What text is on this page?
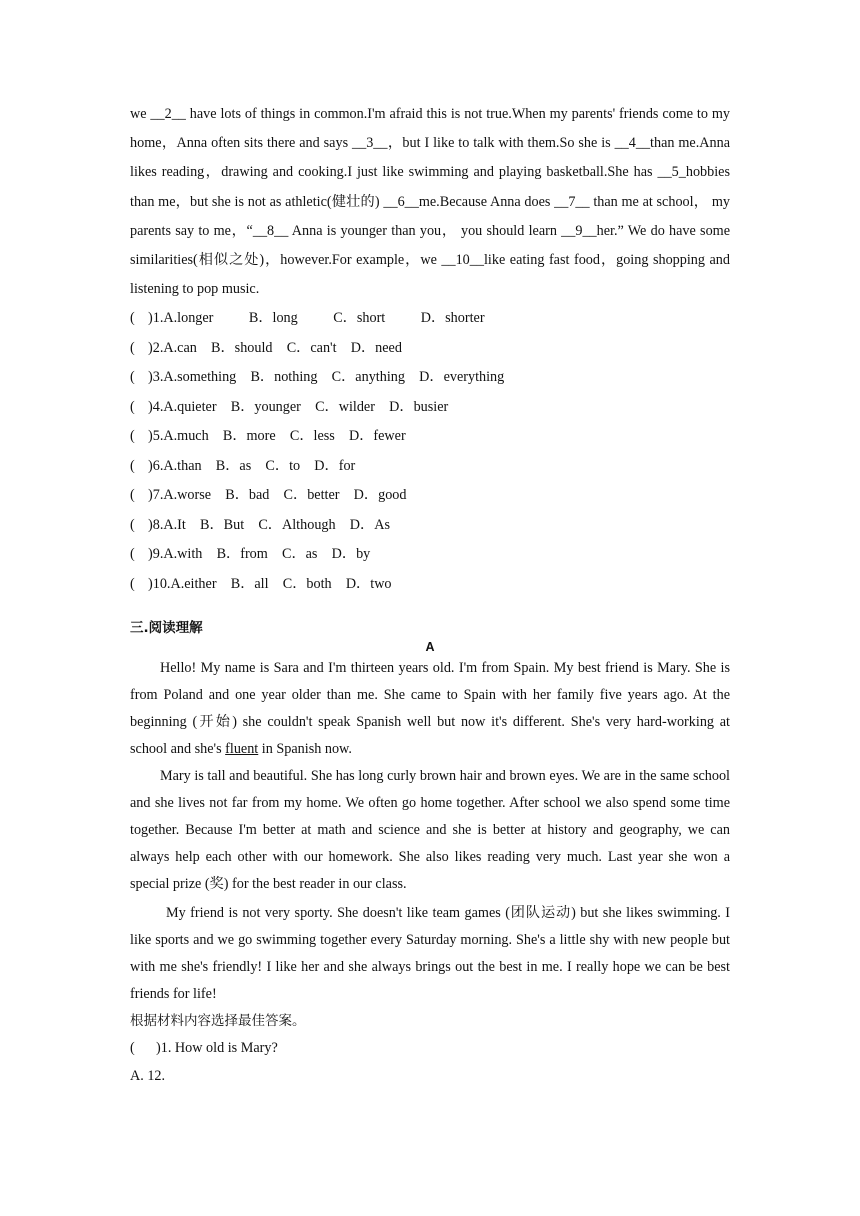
we __2__ have lots of things in common.I'm afraid this is not true.When my parents' friends come to my home，Anna often sits there and says __3__，but I like to talk with them.So she is __4__than me.Anna likes reading，drawing and cooking.I just like swimming and playing basketball.She has __5_hobbies than me，but she is not as athletic(健壮的) __6__me.Because Anna does __7__ than me at school， my parents say to me，“__8__ Anna is younger than you， you should learn __9__her.” We do have some similarities(相似之处)，however.For example，we __10__like eating fast food，going shopping and listening to pop music.

( )1.A.longer          B．long          C．short          D．shorter

( )2.A.can    B．should    C．can't    D．need

( )3.A.something    B．nothing    C．anything    D．everything

( )4.A.quieter    B．younger    C．wilder    D．busier

( )5.A.much    B．more    C．less    D．fewer

( )6.A.than    B．as    C．to    D．for

( )7.A.worse    B．bad    C．better    D．good

( )8.A.It    B．But    C．Although    D．As

( )9.A.with    B．from    C．as    D．by

( )10.A.either    B．all    C．both    D．two

三.阅读理解

A

Hello! My name is Sara and I'm thirteen years old. I'm from Spain. My best friend is Mary. She is from Poland and one year older than me. She came to Spain with her family five years ago. At the beginning (开始) she couldn't speak Spanish well but now it's different. She's very hard-working at school and she's fluent in Spanish now.

Mary is tall and beautiful. She has long curly brown hair and brown eyes. We are in the same school and she lives not far from my home. We often go home together. After school we also spend some time together. Because I'm better at math and science and she is better at history and geography, we can always help each other with our homework. She also likes reading very much. Last year she won a special prize (奖) for the best reader in our class.

My friend is not very sporty. She doesn't like team games (团队运动) but she likes swimming. I like sports and we go swimming together every Saturday morning. She's a little shy with new people but with me she's friendly! I like her and she always brings out the best in me. I really hope we can be best friends for life!

根据材料内容选择最佳答案。

( )1. How old is Mary?

A. 12.
